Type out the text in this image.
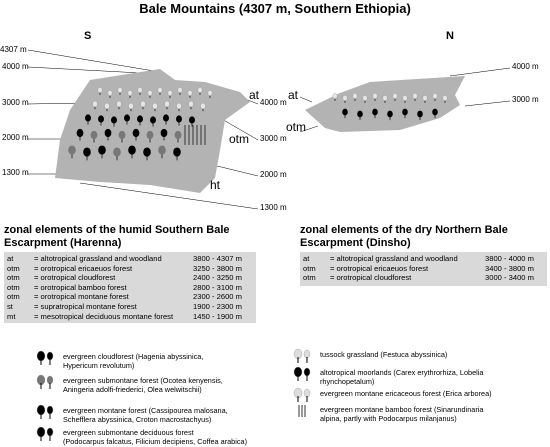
Bale Mountains (4307 m, Southern Ethiopia)
4307 m
4000 m
3000 m
2000 m
1300 m
4000 m
3000 m
2000 m
1300 m
4000 m
3000 m
S	N
at
otm
ht
at
otm
zonal elements of the humid Southern Bale
Escarpment (Harenna)
zonal elements of the dry Northern Bale
Escarpment (Dinsho)
at	= altotropical grassland and woodland	3800 - 4307 m
otm = orotropical ericaeuos forest	3250 - 3800 m
otm = orotropical cloudforest	2400 - 3250 m
otm = orotropical bamboo forest	2800 - 3100 m
otm = orotropical montane forest	2300 - 2600 m
st	= supratropical montane forest	1900 - 2300 m
mt = mesotropical deciduous montane forest	1450 - 1900 m
at	= altotropical grassland and woodland	3800 - 4000 m
otm = orotropical ericaeuos forest	3400 - 3800 m
otm = orotropical cloudforest	3000 - 3400 m
evergreen cloudforest (Hagenia abyssinica,
Hypericum revolutum)
evergreen submontane forest (Ocotea kenyensis,
Aningeria adolfi-friederici, Olea welwitschii)
evergreen montane forest (Cassipourea malosana,
Schefflera abyssinica, Croton macrostachyus)
evergreen submontane deciduous forest
(Podocarpus falcatus, Filicium decipiens, Coffea arabica)
tussock grassland (Festuca abyssinica)
altotropical moorlands (Carex erythrorhiza, Lobelia
rhynchopetalum)
evergreen montane ericaceous forest (Erica arborea)
evergreen montane bamboo forest (Sinarundinaria
alpina, partly with Podocarpus milanjanus)
